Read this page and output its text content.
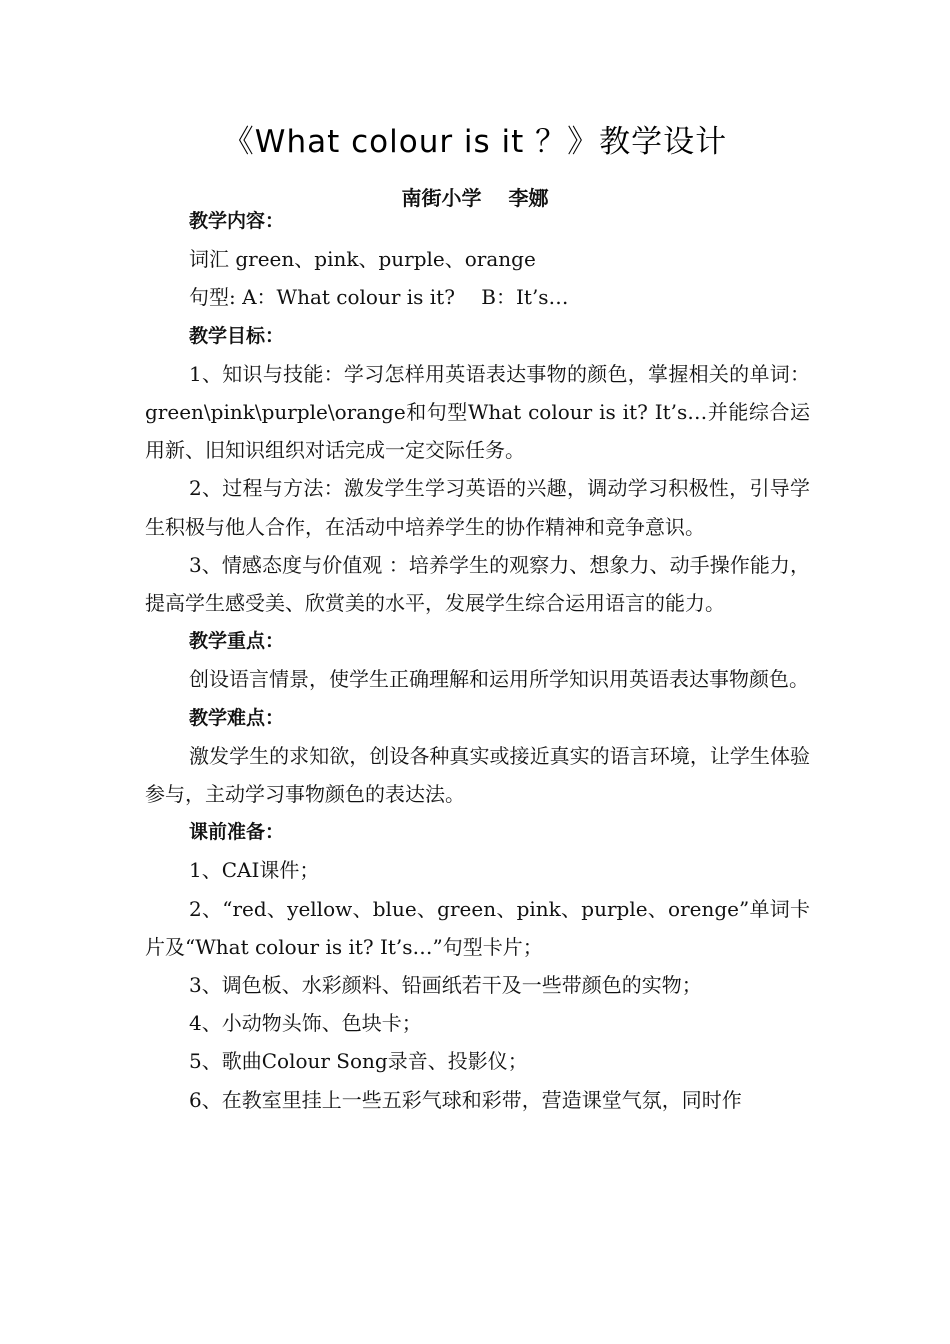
《What colour is it ？》教学设计
南街小学　 李娜

教学内容：

词汇 green、pink、purple、orange

句型: A：What colour is it?　 B：It’s…

教学目标：

1、知识与技能：学习怎样用英语表达事物的颜色，掌握相关的单词： green\pink\purple\orange和句型What colour is it? It’s…并能综合运用新、旧知识组织对话完成一定交际任务。

2、过程与方法：激发学生学习英语的兴趣，调动学习积极性，引导学生积极与他人合作，在活动中培养学生的协作精神和竞争意识。

3、情感态度与价值观 ：培养学生的观察力、想象力、动手操作能力，提高学生感受美、欣赏美的水平，发展学生综合运用语言的能力。

教学重点：

创设语言情景，使学生正确理解和运用所学知识用英语表达事物颜色。

教学难点：

激发学生的求知欲，创设各种真实或接近真实的语言环境，让学生体验参与，主动学习事物颜色的表达法。

课前准备：

1、CAI课件；

2、“red、yellow、blue、green、pink、purple、orenge”单词卡片及“What colour is it? It’s…”句型卡片；

3、调色板、水彩颜料、铅画纸若干及一些带颜色的实物；

4、小动物头饰、色块卡；

5、歌曲Colour Song录音、投影仪；

6、在教室里挂上一些五彩气球和彩带，营造课堂气氛，同时作
